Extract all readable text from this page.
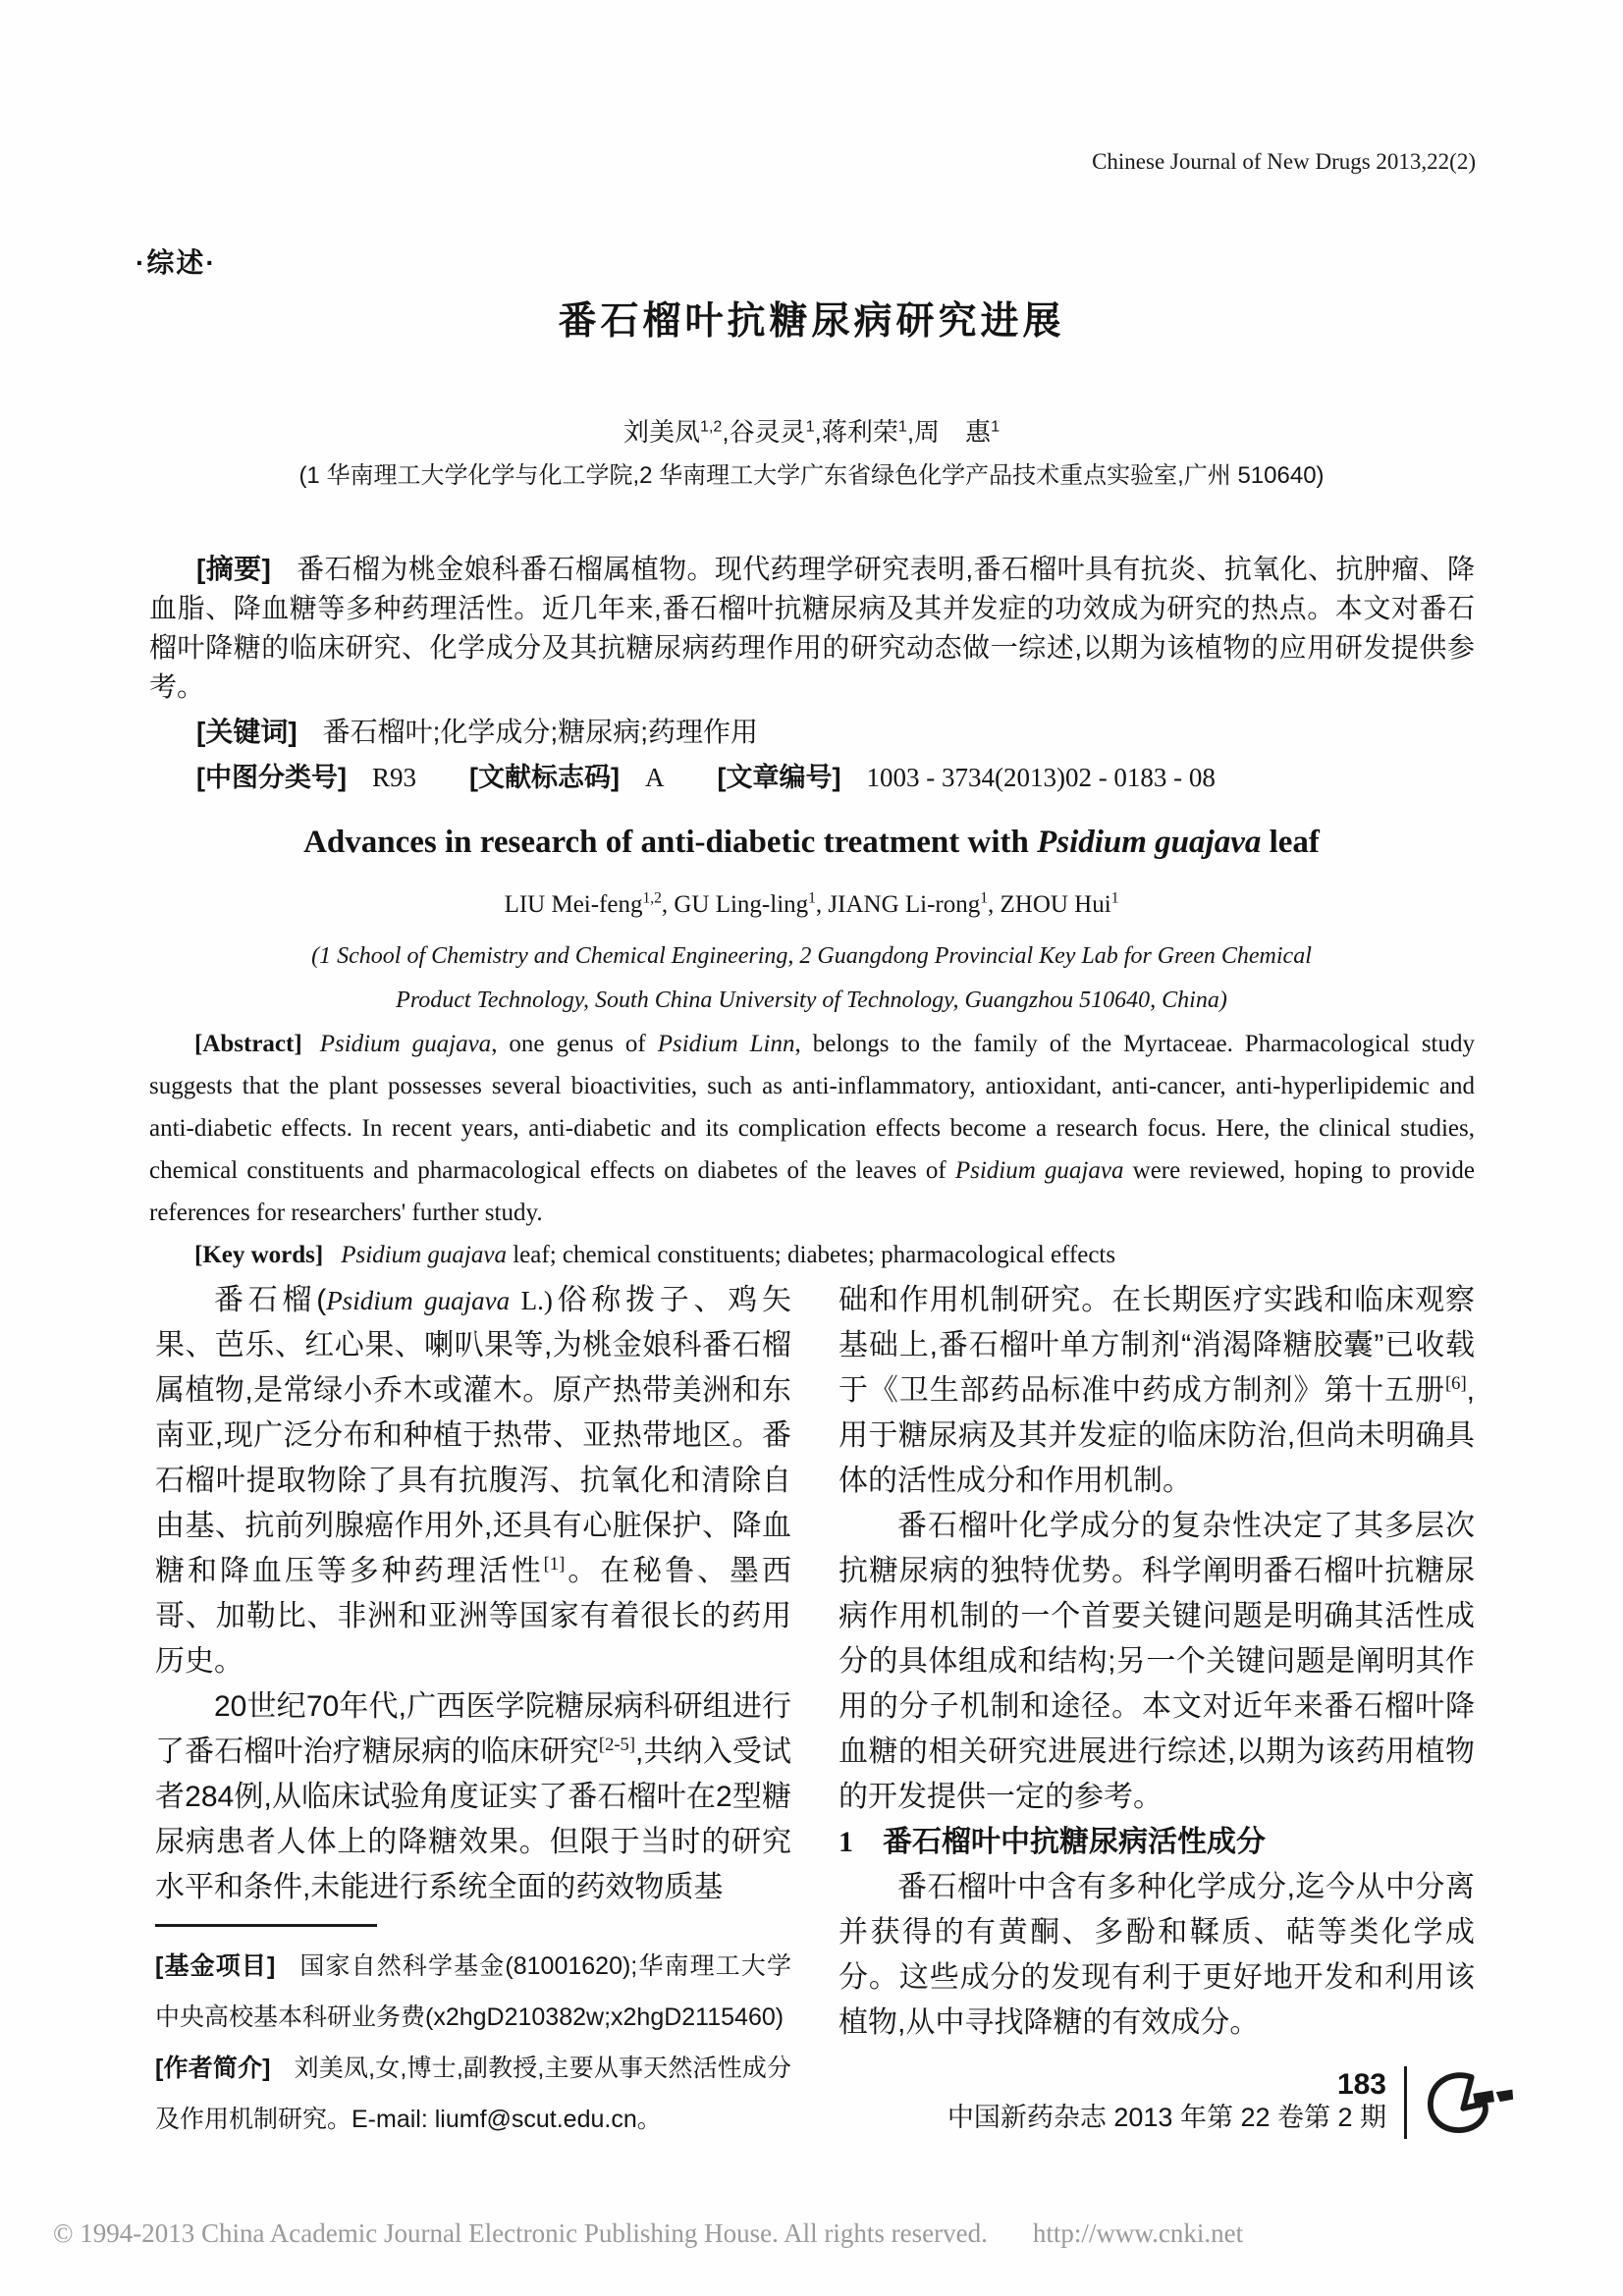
Chinese Journal of New Drugs 2013,22(2)
·综述·
番石榴叶抗糖尿病研究进展
刘美凤$^{1,2}$,谷灵灵$^1$,蒋利荣$^1$,周　惠$^1$
(1 华南理工大学化学与化工学院,2 华南理工大学广东省绿色化学产品技术重点实验室,广州 510640)

[摘要] 番石榴为桃金娘科番石榴属植物。现代药理学研究表明,番石榴叶具有抗炎、抗氧化、抗肿瘤、降血脂、降血糖等多种药理活性。近几年来,番石榴叶抗糖尿病及其并发症的功效成为研究的热点。本文对番石榴叶降糖的临床研究、化学成分及其抗糖尿病药理作用的研究动态做一综述,以期为该植物的应用研发提供参考。

[关键词] 番石榴叶;化学成分;糖尿病;药理作用

[中图分类号] R93 [文献标志码] A [文章编号] 1003 - 3734(2013)02 - 0183 - 08

Advances in research of anti-diabetic treatment with Psidium guajava leaf
LIU Mei-feng$^{1,2}$, GU Ling-ling$^1$, JIANG Li-rong$^1$, ZHOU Hui$^1$
(1 School of Chemistry and Chemical Engineering, 2 Guangdong Provincial Key Lab for Green Chemical
Product Technology, South China University of Technology, Guangzhou 510640, China)

[Abstract] Psidium guajava, one genus of Psidium Linn, belongs to the family of the Myrtaceae. Pharmacological study suggests that the plant possesses several bioactivities, such as anti-inflammatory, antioxidant, anti-cancer, anti-hyperlipidemic and anti-diabetic effects. In recent years, anti-diabetic and its complication effects become a research focus. Here, the clinical studies, chemical constituents and pharmacological effects on diabetes of the leaves of Psidium guajava were reviewed, hoping to provide references for researchers' further study.

[Key words] Psidium guajava leaf; chemical constituents; diabetes; pharmacological effects

番石榴(Psidium guajava L.)俗称拨子、鸡矢果、芭乐、红心果、喇叭果等,为桃金娘科番石榴属植物,是常绿小乔木或灌木。原产热带美洲和东南亚,现广泛分布和种植于热带、亚热带地区。番石榴叶提取物除了具有抗腹泻、抗氧化和清除自由基、抗前列腺癌作用外,还具有心脏保护、降血糖和降血压等多种药理活性[1]。在秘鲁、墨西哥、加勒比、非洲和亚洲等国家有着很长的药用历史。

20世纪70年代,广西医学院糖尿病科研组进行了番石榴叶治疗糖尿病的临床研究[2-5],共纳入受试者284例,从临床试验角度证实了番石榴叶在2型糖尿病患者人体上的降糖效果。但限于当时的研究水平和条件,未能进行系统全面的药效物质基

[基金项目] 国家自然科学基金(81001620);华南理工大学中央高校基本科研业务费(x2hgD210382w;x2hgD2115460)

[作者简介] 刘美凤,女,博士,副教授,主要从事天然活性成分及作用机制研究。E-mail: liumf@scut.edu.cn。

础和作用机制研究。在长期医疗实践和临床观察基础上,番石榴叶单方制剂“消渴降糖胶囊”已收载于《卫生部药品标准中药成方制剂》第十五册[6],用于糖尿病及其并发症的临床防治,但尚未明确具体的活性成分和作用机制。

番石榴叶化学成分的复杂性决定了其多层次抗糖尿病的独特优势。科学阐明番石榴叶抗糖尿病作用机制的一个首要关键问题是明确其活性成分的具体组成和结构;另一个关键问题是阐明其作用的分子机制和途径。本文对近年来番石榴叶降血糖的相关研究进展进行综述,以期为该药用植物的开发提供一定的参考。

1 番石榴叶中抗糖尿病活性成分

番石榴叶中含有多种化学成分,迄今从中分离并获得的有黄酮、多酚和鞣质、萜等类化学成分。这些成分的发现有利于更好地开发和利用该植物,从中寻找降糖的有效成分。

183
中国新药杂志 2013 年第 22 卷第 2 期
© 1994-2013 China Academic Journal Electronic Publishing House. All rights reserved. http://www.cnki.net
